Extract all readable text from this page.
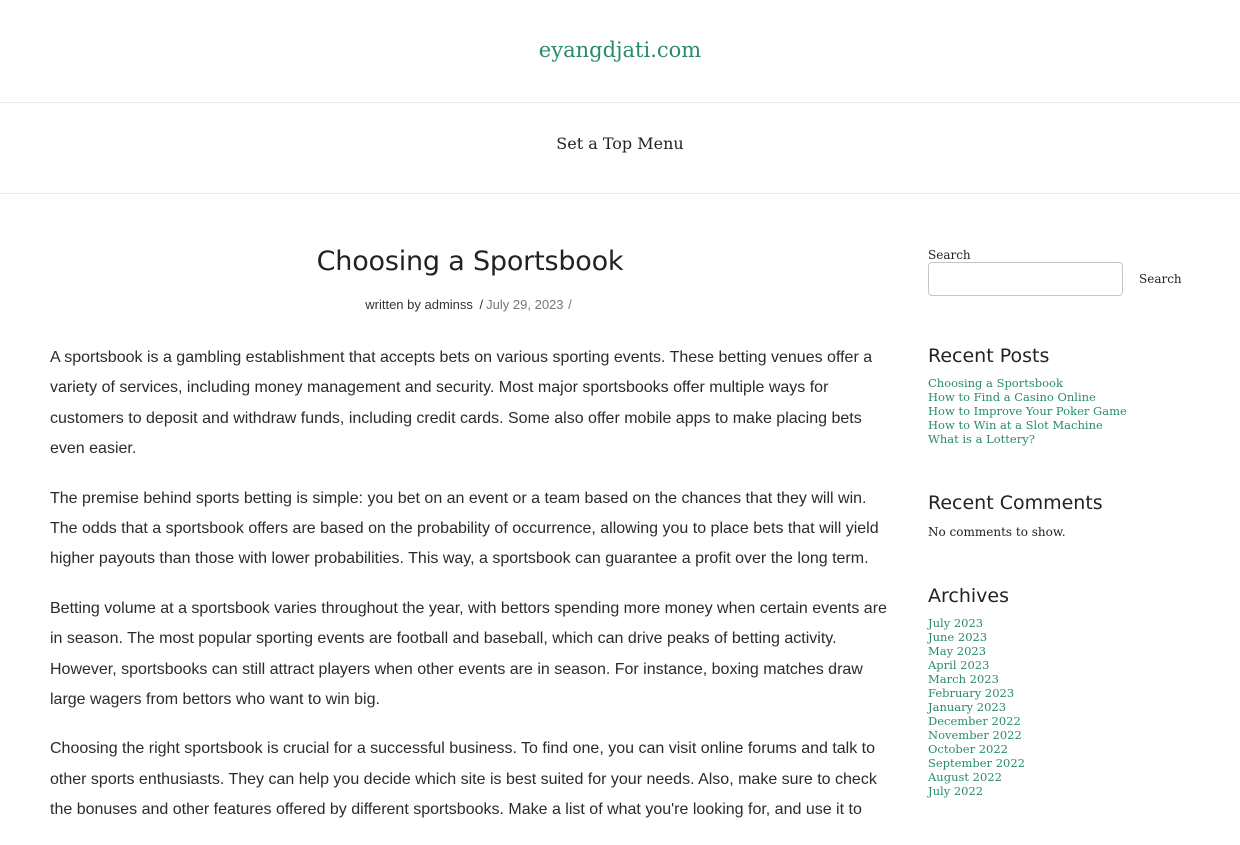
eyangdjati.com
Set a Top Menu
Choosing a Sportsbook
written by adminss / July 29, 2023 /

A sportsbook is a gambling establishment that accepts bets on various sporting events. These betting venues offer a variety of services, including money management and security. Most major sportsbooks offer multiple ways for customers to deposit and withdraw funds, including credit cards. Some also offer mobile apps to make placing bets even easier.

The premise behind sports betting is simple: you bet on an event or a team based on the chances that they will win. The odds that a sportsbook offers are based on the probability of occurrence, allowing you to place bets that will yield higher payouts than those with lower probabilities. This way, a sportsbook can guarantee a profit over the long term.

Betting volume at a sportsbook varies throughout the year, with bettors spending more money when certain events are in season. The most popular sporting events are football and baseball, which can drive peaks of betting activity. However, sportsbooks can still attract players when other events are in season. For instance, boxing matches draw large wagers from bettors who want to win big.

Choosing the right sportsbook is crucial for a successful business. To find one, you can visit online forums and talk to other sports enthusiasts. They can help you decide which site is best suited for your needs. Also, make sure to check the bonuses and other features offered by different sportsbooks. Make a list of what you're looking for, and use it to

Search
Search
Recent Posts
Choosing a Sportsbook
How to Find a Casino Online
How to Improve Your Poker Game
How to Win at a Slot Machine
What is a Lottery?
Recent Comments
No comments to show.
Archives
July 2023
June 2023
May 2023
April 2023
March 2023
February 2023
January 2023
December 2022
November 2022
October 2022
September 2022
August 2022
July 2022
